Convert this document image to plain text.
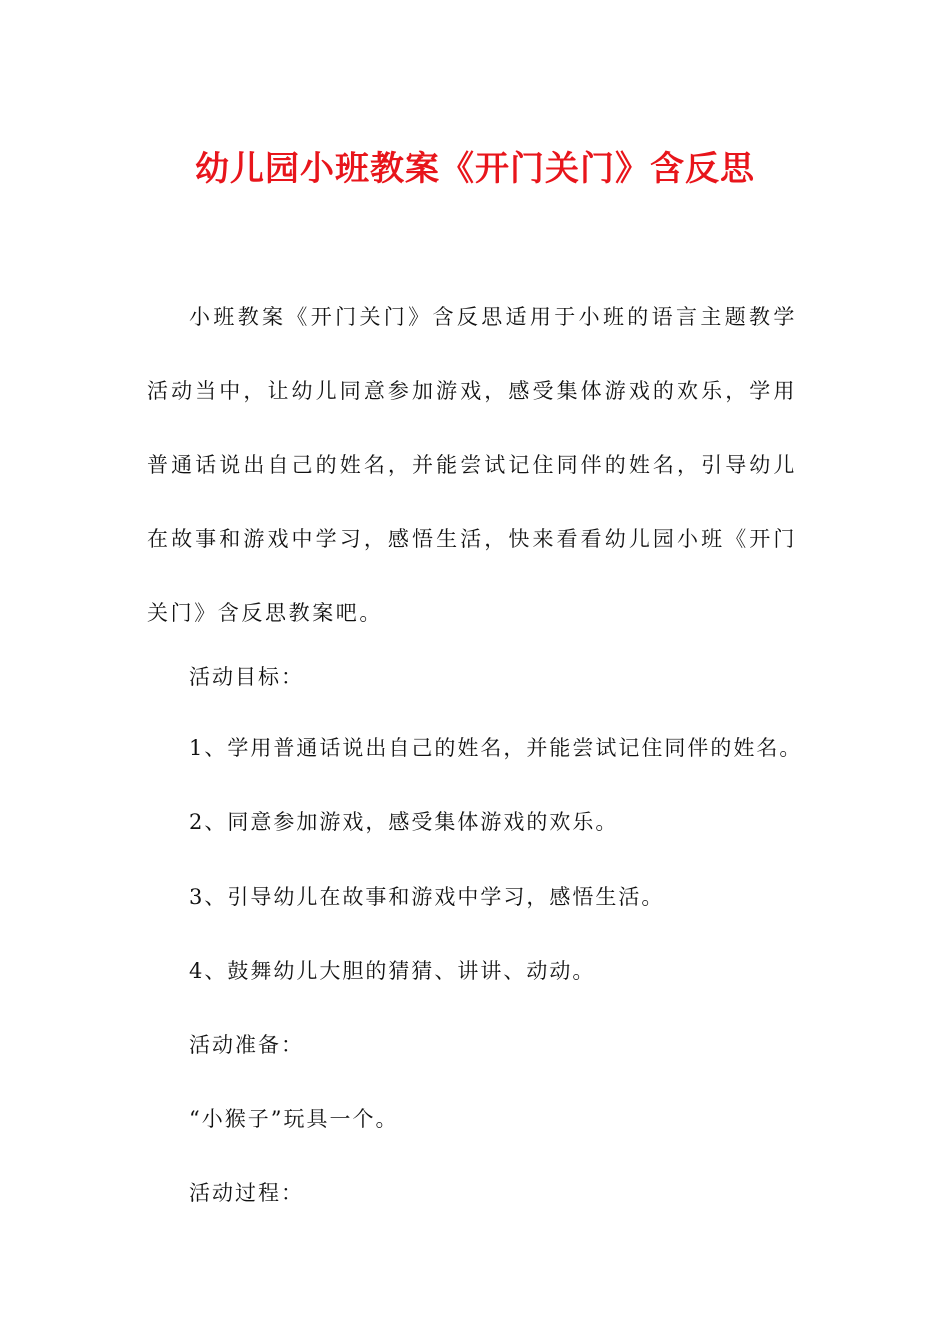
幼儿园小班教案《开门关门》含反思

小班教案《开门关门》含反思适用于小班的语言主题教学活动当中，让幼儿同意参加游戏，感受集体游戏的欢乐，学用普通话说出自己的姓名，并能尝试记住同伴的姓名，引导幼儿在故事和游戏中学习，感悟生活，快来看看幼儿园小班《开门关门》含反思教案吧。

活动目标：
1、学用普通话说出自己的姓名，并能尝试记住同伴的姓名。
2、同意参加游戏，感受集体游戏的欢乐。
3、引导幼儿在故事和游戏中学习，感悟生活。
4、鼓舞幼儿大胆的猜猜、讲讲、动动。
活动准备：
“小猴子”玩具一个。
活动过程：
